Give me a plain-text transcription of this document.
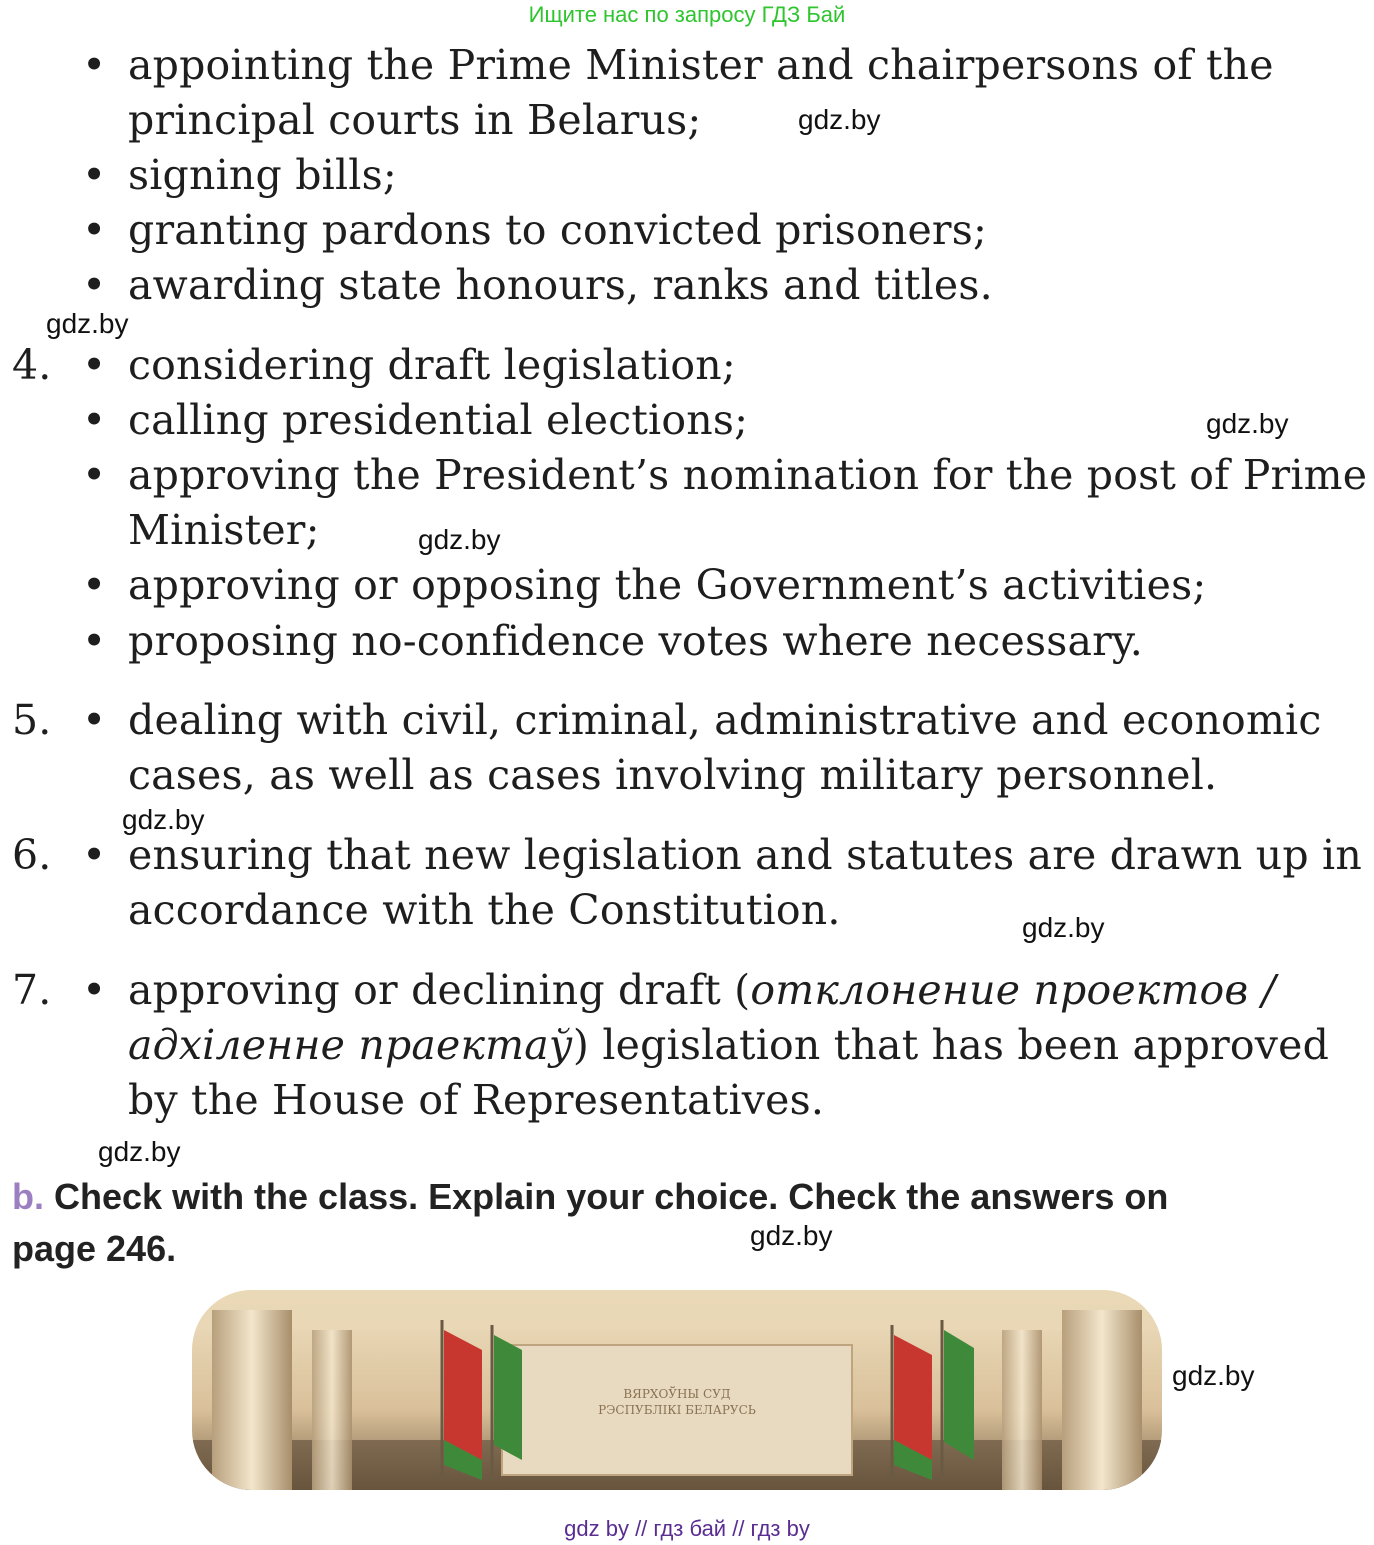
Ищите нас по запросу ГДЗ Бай
• appointing the Prime Minister and chairpersons of the
principal courts in Belarus;
• signing bills;
• granting pardons to convicted prisoners;
• awarding state honours, ranks and titles.
4. • considering draft legislation;
• calling presidential elections;
• approving the President’s nomination for the post of Prime
Minister;
• approving or opposing the Government’s activities;
• proposing no-confidence votes where necessary.
5. • dealing with civil, criminal, administrative and economic
cases, as well as cases involving military personnel.
6. • ensuring that new legislation and statutes are drawn up in
accordance with the Constitution.
7. • approving or declining draft (отклонение проектов /
адхіленне праектаў) legislation that has been approved
by the House of Representatives.
b. Check with the class. Explain your choice. Check the answers on
page 246.
gdz.by
gdz.by
gdz.by
gdz.by
gdz.by
gdz.by
gdz.by
gdz.by
gdz.by
ВЯРХОЎНЫ СУД
РЭСПУБЛІКІ БЕЛАРУСЬ
gdz by // гдз бай // гдз by
